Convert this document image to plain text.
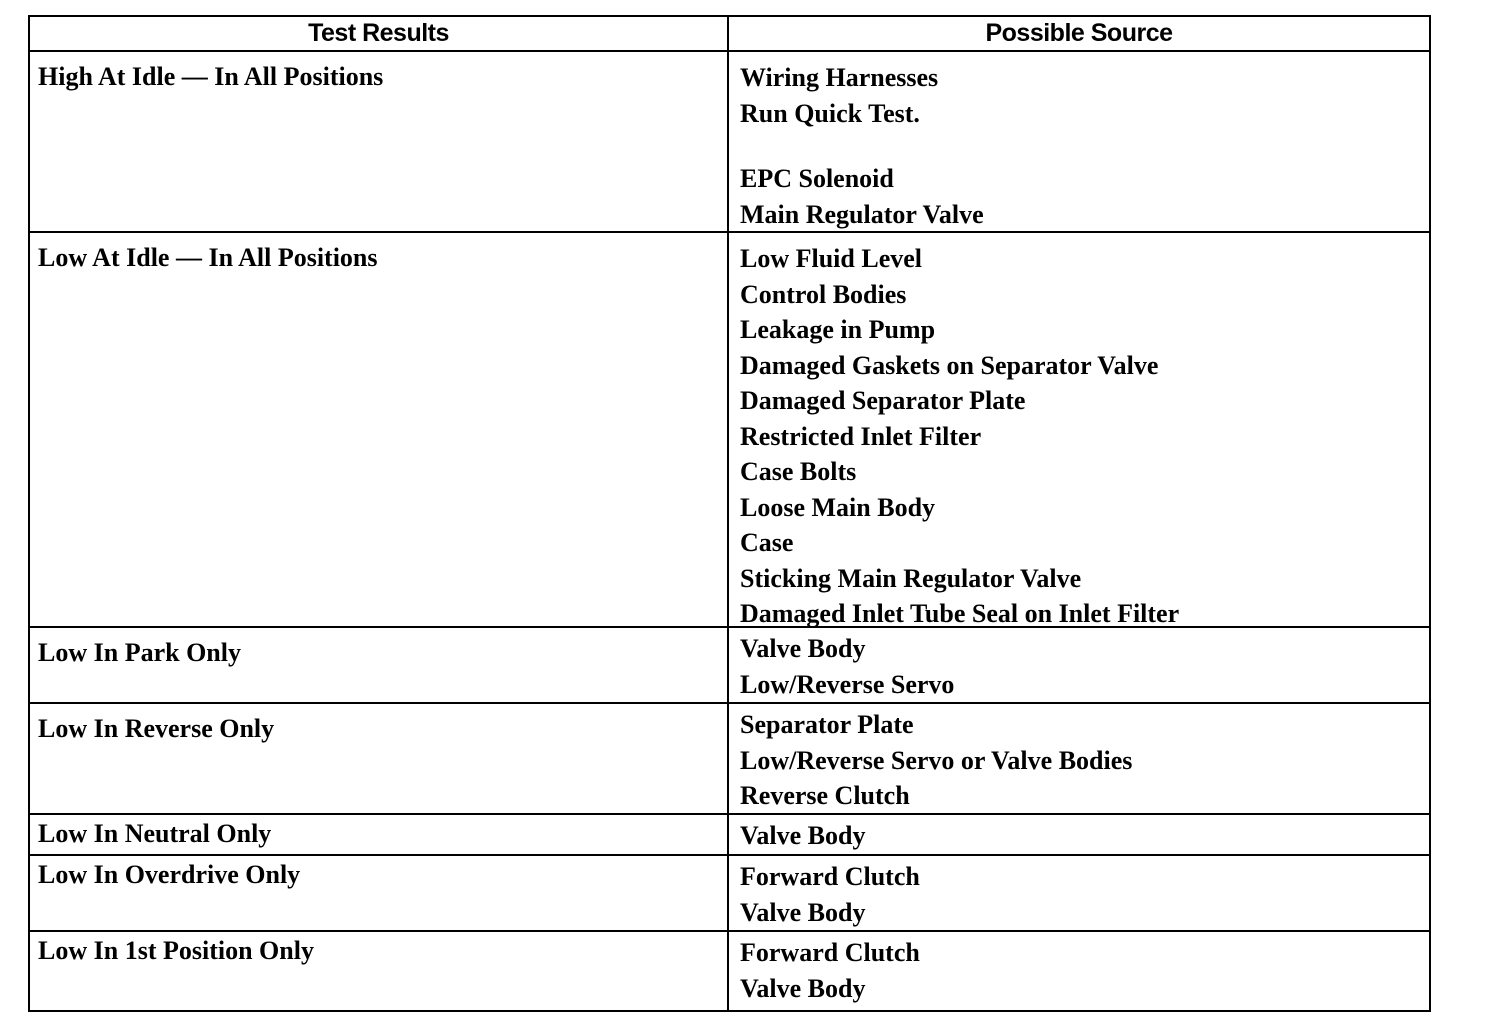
Test Results	Possible Source
High At Idle — In All Positions	Wiring Harnesses
Run Quick Test.
EPC Solenoid
Main Regulator Valve
Low At Idle — In All Positions	Low Fluid Level
Control Bodies
Leakage in Pump
Damaged Gaskets on Separator Valve
Damaged Separator Plate
Restricted Inlet Filter
Case Bolts
Loose Main Body
Case
Sticking Main Regulator Valve
Damaged Inlet Tube Seal on Inlet Filter
Low In Park Only	Valve Body
Low/Reverse Servo
Low In Reverse Only	Separator Plate
Low/Reverse Servo or Valve Bodies
Reverse Clutch
Low In Neutral Only	Valve Body
Low In Overdrive Only	Forward Clutch
Valve Body
Low In 1st Position Only	Forward Clutch
Valve Body
